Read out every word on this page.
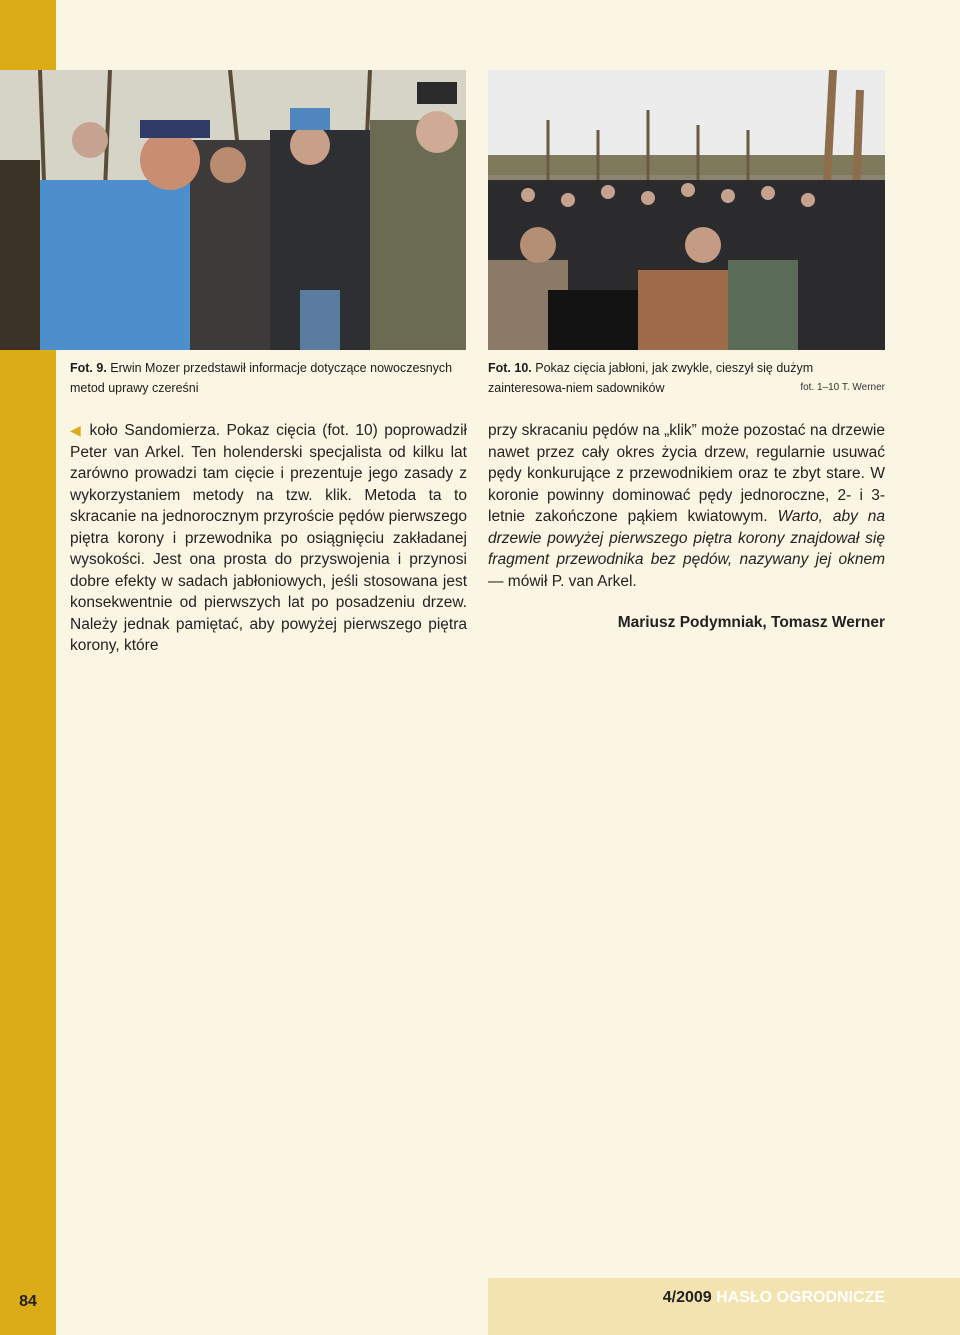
Fot. 9. Erwin Mozer przedstawił informacje dotyczące nowoczesnych metod uprawy czereśni
Fot. 10. Pokaz cięcia jabłoni, jak zwykle, cieszył się dużym zainteresowa-niem sadowników	fot. 1–10 T. Werner

◀ koło Sandomierza. Pokaz cięcia (fot. 10) poprowadził Peter van Arkel. Ten holenderski specjalista od kilku lat zarówno prowadzi tam cięcie i prezentuje jego zasady z wykorzystaniem metody na tzw. klik. Metoda ta to skracanie na jednorocznym przyroście pędów pierwszego piętra korony i przewodnika po osiągnięciu zakładanej wysokości. Jest ona prosta do przyswojenia i przynosi dobre efekty w sadach jabłoniowych, jeśli stosowana jest konsekwentnie od pierwszych lat po posadzeniu drzew. Należy jednak pamiętać, aby powyżej pierwszego piętra korony, które

przy skracaniu pędów na „klik” może pozostać na drzewie nawet przez cały okres życia drzew, regularnie usuwać pędy konkurujące z przewodnikiem oraz te zbyt stare. W koronie powinny dominować pędy jednoroczne, 2- i 3-letnie zakończone pąkiem kwiatowym. Warto, aby na drzewie powyżej pierwszego piętra korony znajdował się fragment przewodnika bez pędów, nazywany jej oknem — mówił P. van Arkel.

Mariusz Podymniak, Tomasz Werner
84	4/2009 HASŁO OGRODNICZE
